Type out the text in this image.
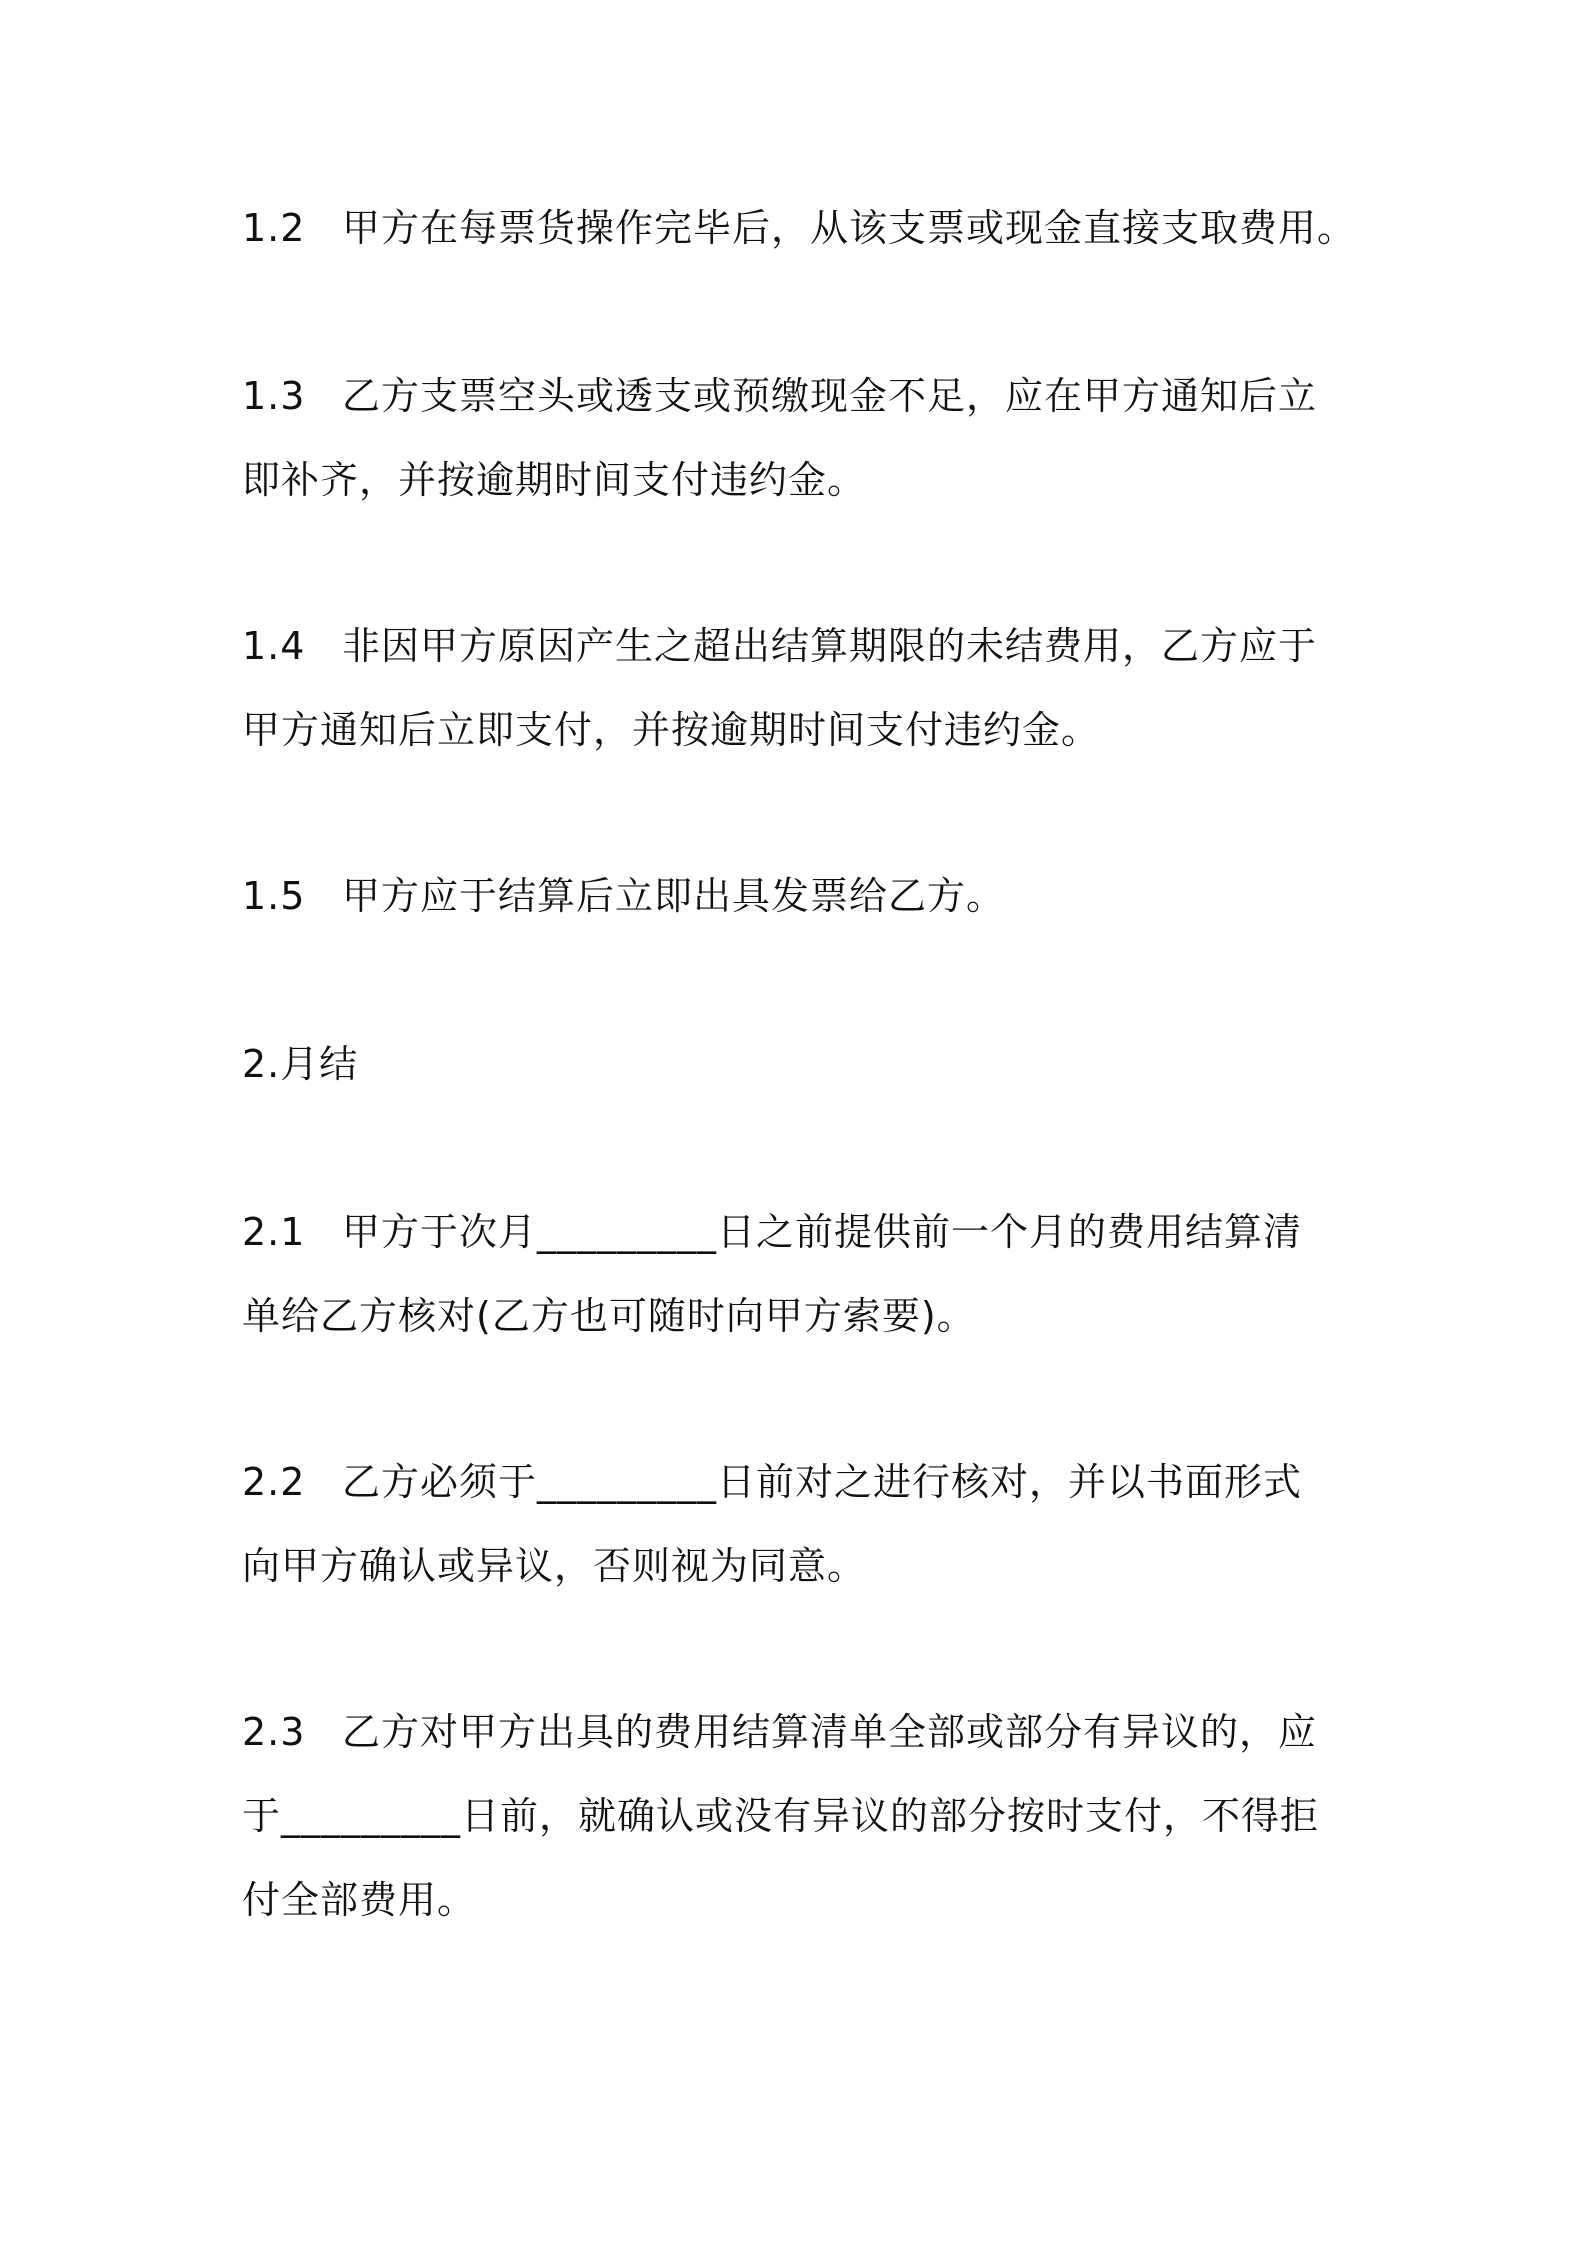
1.2 甲方在每票货操作完毕后，从该支票或现金直接支取费用。
1.3 乙方支票空头或透支或预缴现金不足，应在甲方通知后立
即补齐，并按逾期时间支付违约金。
1.4 非因甲方原因产生之超出结算期限的未结费用，乙方应于
甲方通知后立即支付，并按逾期时间支付违约金。
1.5 甲方应于结算后立即出具发票给乙方。
2.月结
2.1 甲方于次月_________日之前提供前一个月的费用结算清
单给乙方核对(乙方也可随时向甲方索要)。
2.2 乙方必须于_________日前对之进行核对，并以书面形式
向甲方确认或异议，否则视为同意。
2.3 乙方对甲方出具的费用结算清单全部或部分有异议的，应
于_________日前，就确认或没有异议的部分按时支付，不得拒
付全部费用。
